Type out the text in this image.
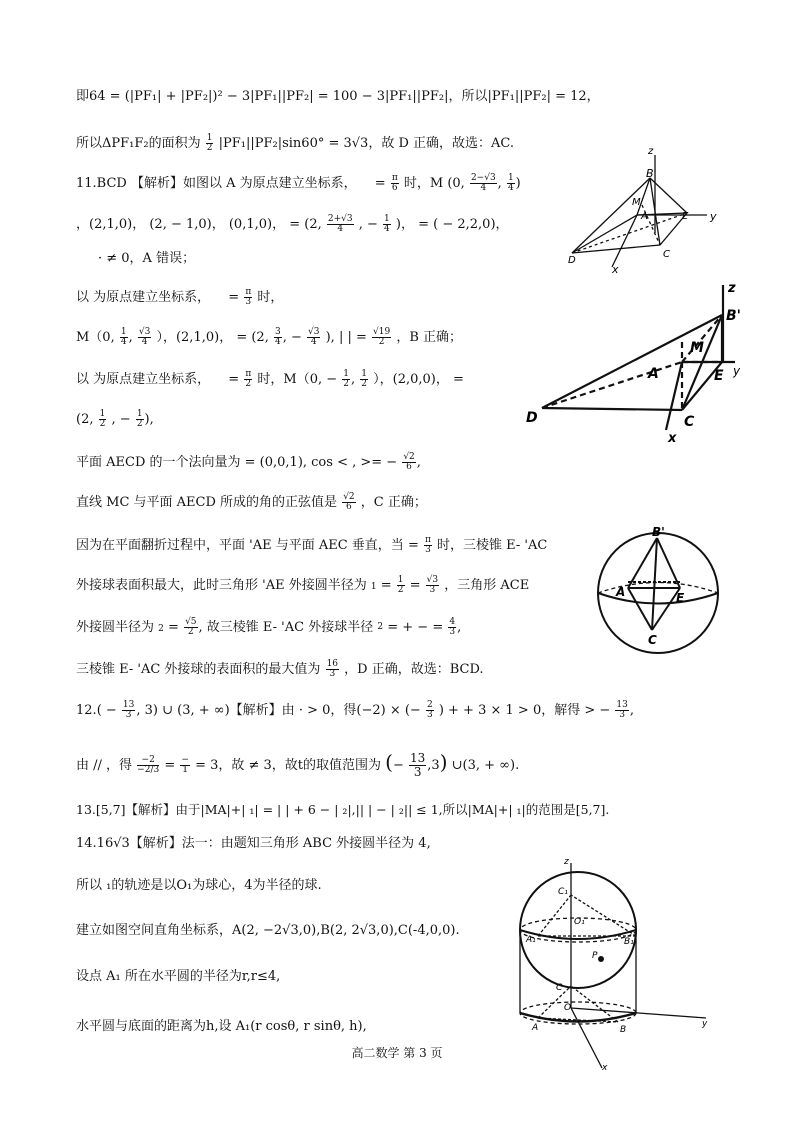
即64 = (|PF₁| + |PF₂|)² − 3|PF₁||PF₂| = 100 − 3|PF₁||PF₂|，所以|PF₁||PF₂| = 12，
所以ΔPF₁F₂的面积为 $\frac{1}{2} |PF_1||PF_2|\sin 60^\circ = 3√3$，故 D 正确，故选：AC.
11.BCD 【解析】如图以 A 为原点建立坐标系， = $\frac{\pi}{6}$ 时，M (0, $\frac{2-√3}{4}$ , $\frac{1}{4}$ )
，(2,1,0)， (2, − 1,0)， (0,1,0)， = (2, $\frac{2+√3}{4}$ , − $\frac{1}{4}$ )， = ( − 2,2,0)，
· ≠ 0，A 错误；
以 为原点建立坐标系， = $\frac{\pi}{3}$ 时，
M（0, $\frac{1}{4}$ , $\frac{√3}{4}$ ），(2,1,0)， = (2, $\frac{3}{4}$ , − $\frac{√3}{4}$ ), | | = $\frac{√19}{2}$ ，B 正确；
以 为原点建立坐标系， = $\frac{\pi}{2}$ 时，M（0, − $\frac{1}{2}$ , $\frac{1}{2}$ ），(2,0,0)， =
(2, $\frac{1}{2}$ , − $\frac{1}{2}$ ),
平面 AECD 的一个法向量为 = (0,0,1), cos < , >= − $\frac{√2}{6}$ ,
直线 MC 与平面 AECD 所成的角的正弦值是 $\frac{√2}{6}$ ，C 正确；
因为在平面翻折过程中，平面 'AE 与平面 AEC 垂直，当 = $\frac{\pi}{3}$ 时，三棱锥 E- 'AC
外接球表面积最大，此时三角形 'AE 外接圆半径为 $1 = \frac{1}{2} = \frac{√3}{3}$ ，三角形 ACE
外接圆半径为 $2 = \frac{√5}{2}$ , 故三棱锥 E- 'AC 外接球半径 $^2$ = + − = $\frac{4}{3}$ ,
三棱锥 E- 'AC 外接球的表面积的最大值为 $\frac{16}{3}$ ，D 正确，故选：BCD.
$12.( - \frac{13}{3}$ , 3) ∪ (3, + ∞)【解析】由 · > 0，得(−2) × (− $\frac{2}{3}$ ) + + 3 × 1 > 0，解得 > − $\frac{13}{3}$ ,
由 // ，得 $\frac{-2}{-2/3} = \frac{-}{1} = 3$，故 ≠ 3，故t的取值范围为 (− $\frac{13}{3} ,3$) ∪(3, + ∞).
13.[5,7]【解析】由于|MA|+| ₁| = | | + 6 − | ₂|,|| | − | ₂|| ≤ 1,所以|MA|+| ₁|的范围是[5,7].
14.16√3【解析】法一：由题知三角形 ABC 外接圆半径为 4,
所以 ₁的轨迹是以O₁为球心，4为半径的球.
建立如图空间直角坐标系，A(2, −2√3,0),B(2, 2√3,0),C(-4,0,0).
设点 A₁ 所在水平圆的半径为r,r≤4,
水平圆与底面的距离为h,设 A₁(r cosθ, r sinθ, h),
z
y
x
B'
M
A	E
D
C
z
y
x
B'
M
A	E
D	C
B'
A	E
C
z
y
x
C₁
O₁
A₁	B₁
P
C
O
A	B
高二数学 第 3 页
